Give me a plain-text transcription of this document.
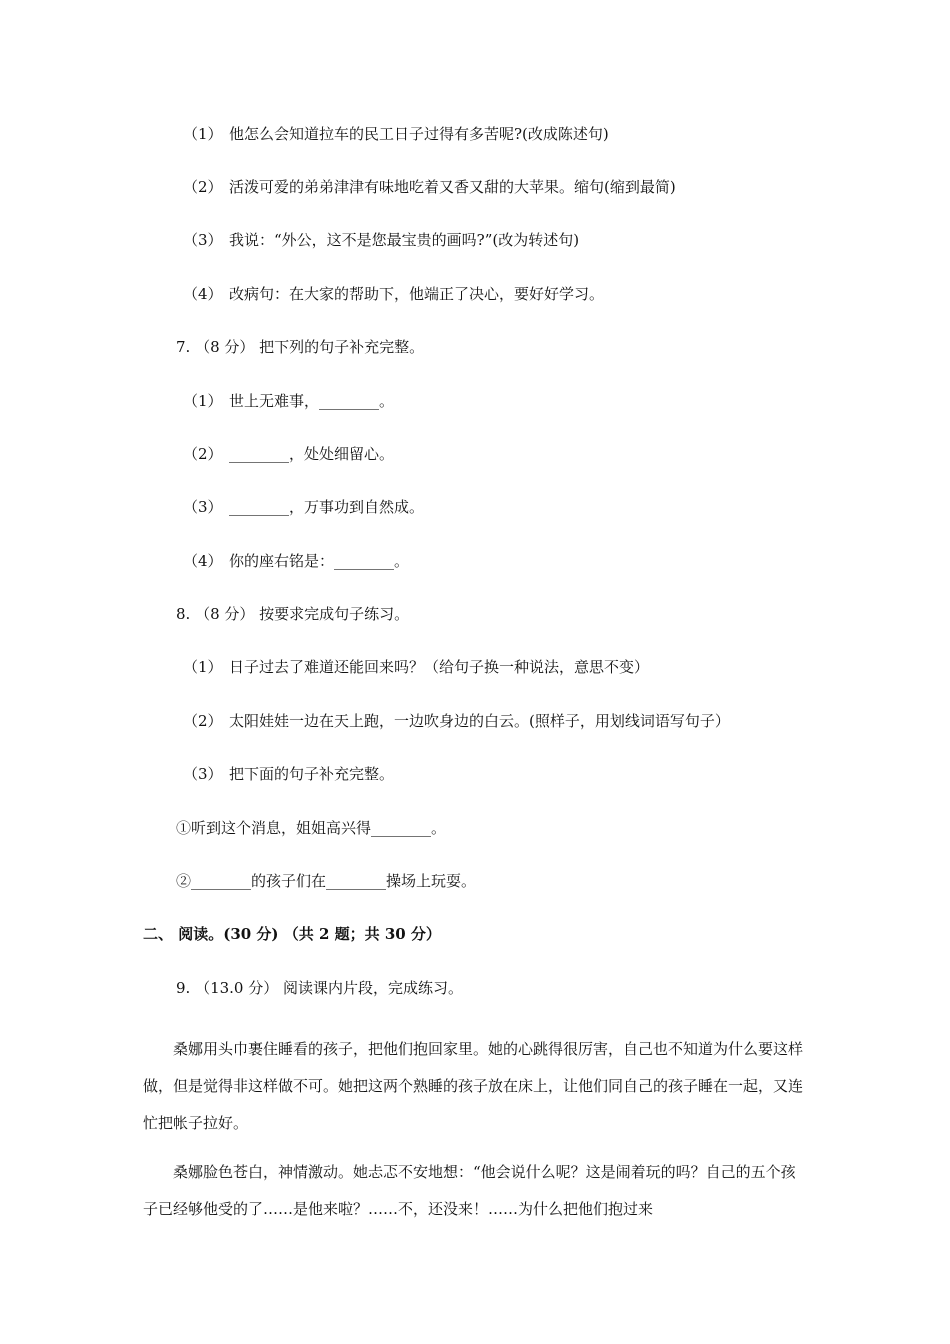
（1） 他怎么会知道拉车的民工日子过得有多苦呢?(改成陈述句)
（2） 活泼可爱的弟弟津津有味地吃着又香又甜的大苹果。缩句(缩到最简)
（3） 我说：“外公，这不是您最宝贵的画吗?”(改为转述句)
（4） 改病句：在大家的帮助下，他端正了决心，要好好学习。
7. （8 分） 把下列的句子补充完整。
（1） 世上无难事，________。
（2） ________，处处细留心。
（3） ________，万事功到自然成。
（4） 你的座右铭是：________。
8. （8 分） 按要求完成句子练习。
（1） 日子过去了难道还能回来吗？（给句子换一种说法，意思不变）
（2） 太阳娃娃一边在天上跑，一边吹身边的白云。(照样子，用划线词语写句子）
（3） 把下面的句子补充完整。
①听到这个消息，姐姐高兴得________。
②________的孩子们在________操场上玩耍。
二、 阅读。(30 分) （共 2 题；共 30 分）
9. （13.0 分） 阅读课内片段，完成练习。
桑娜用头巾裹住睡看的孩子，把他们抱回家里。她的心跳得很厉害，自己也不知道为什么要这样做，但是觉得非这样做不可。她把这两个熟睡的孩子放在床上，让他们同自己的孩子睡在一起，又连忙把帐子拉好。
桑娜脸色苍白，神情激动。她忐忑不安地想：“他会说什么呢？这是闹着玩的吗？自己的五个孩子已经够他受的了……是他来啦？……不，还没来！……为什么把他们抱过来
